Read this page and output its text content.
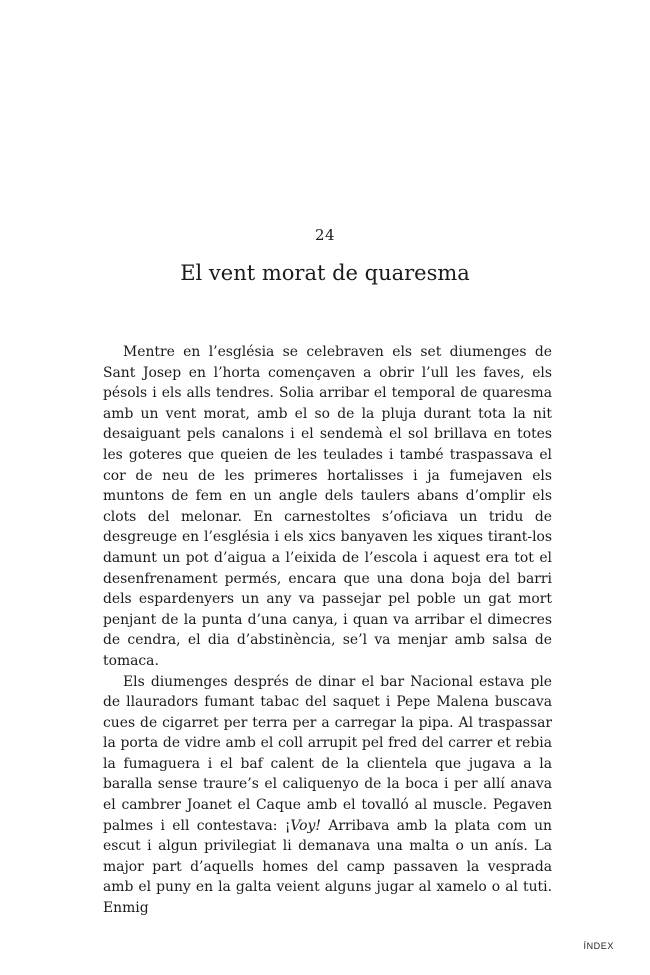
24
El vent morat de quaresma

Mentre en l’església se celebraven els set diumenges de Sant Josep en l’horta començaven a obrir l’ull les faves, els pésols i els alls tendres. Solia arribar el temporal de quaresma amb un vent morat, amb el so de la pluja durant tota la nit desaiguant pels canalons i el sendemà el sol brillava en totes les goteres que queien de les teulades i també traspassava el cor de neu de les primeres hortalisses i ja fumejaven els muntons de fem en un angle dels taulers abans d’omplir els clots del melonar. En carnestoltes s’oficiava un tridu de desgreuge en l’església i els xics banyaven les xiques tirant-los damunt un pot d’aigua a l’eixida de l’escola i aquest era tot el desenfrenament permés, encara que una dona boja del barri dels espardenyers un any va passejar pel poble un gat mort penjant de la punta d’una canya, i quan va arribar el dimecres de cendra, el dia d’abstinència, se’l va menjar amb salsa de tomaca.

Els diumenges després de dinar el bar Nacional estava ple de llauradors fumant tabac del saquet i Pepe Malena buscava cues de cigarret per terra per a carregar la pipa. Al traspassar la porta de vidre amb el coll arrupit pel fred del carrer et rebia la fumaguera i el baf calent de la clientela que jugava a la baralla sense traure’s el caliquenyo de la boca i per allí anava el cambrer Joanet el Caque amb el tovalló al muscle. Pegaven palmes i ell contestava: ¡Voy! Arribava amb la plata com un escut i algun privilegiat li demanava una malta o un anís. La major part d’aquells homes del camp passaven la vesprada amb el puny en la galta veient alguns jugar al xamelo o al tuti. Enmig

ÍNDEX
